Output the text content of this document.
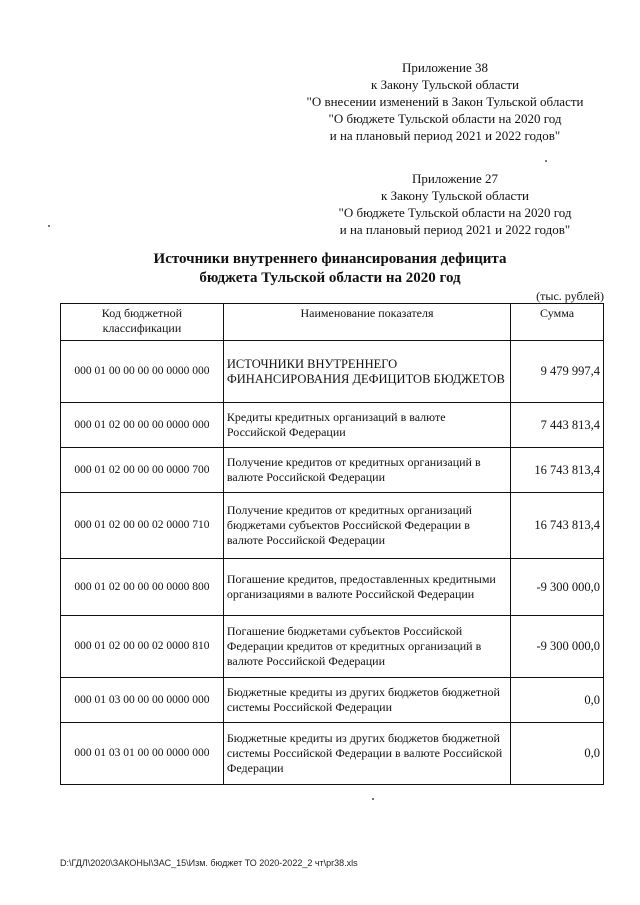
Приложение 38
к Закону Тульской области
"О внесении изменений в Закон Тульской области
"О бюджете Тульской области на 2020 год
и на плановый период 2021 и 2022 годов"
Приложение 27
к Закону Тульской области
"О бюджете Тульской области на 2020 год
и на плановый период 2021 и 2022 годов"
Источники внутреннего финансирования дефицита
бюджета Тульской области на 2020 год
(тыс. рублей)
Код бюджетной классификации	Наименование показателя	Сумма
000 01 00 00 00 00 0000 000	ИСТОЧНИКИ ВНУТРЕННЕГО ФИНАНСИРОВАНИЯ ДЕФИЦИТОВ БЮДЖЕТОВ	9 479 997,4
000 01 02 00 00 00 0000 000	Кредиты кредитных организаций в валюте Российской Федерации	7 443 813,4
000 01 02 00 00 00 0000 700	Получение кредитов от кредитных организаций в валюте Российской Федерации	16 743 813,4
000 01 02 00 00 02 0000 710	Получение кредитов от кредитных организаций бюджетами субъектов Российской Федерации в валюте Российской Федерации	16 743 813,4
000 01 02 00 00 00 0000 800	Погашение кредитов, предоставленных кредитными организациями в валюте Российской Федерации	-9 300 000,0
000 01 02 00 00 02 0000 810	Погашение бюджетами субъектов Российской Федерации кредитов от кредитных организаций в валюте Российской Федерации	-9 300 000,0
000 01 03 00 00 00 0000 000	Бюджетные кредиты из других бюджетов бюджетной системы Российской Федерации	0,0
000 01 03 01 00 00 0000 000	Бюджетные кредиты из других бюджетов бюджетной системы Российской Федерации в валюте Российской Федерации	0,0
D:\ГДЛ\2020\ЗАКОНЫ\ЗАС_15\Изм. бюджет ТО 2020-2022_2 чт\pr38.xls
